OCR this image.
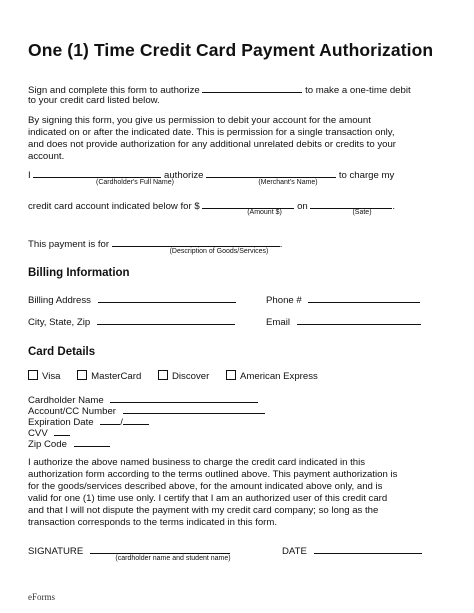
One (1) Time Credit Card Payment Authorization
Sign and complete this form to authorize	to make a one-time debit
to your credit card listed below.
By signing this form, you give us permission to debit your account for the amount
indicated on or after the indicated date. This is permission for a single transaction only,
and does not provide authorization for any additional unrelated debits or credits to your
account.
I	authorize	to charge my
(Cardholder's Full Name)	(Merchant's Name)
credit card account indicated below for $	on	.
(Amount $)	(Sate)
This payment is for	.
(Description of Goods/Services)
Billing Information
Billing Address	Phone #
City, State, Zip	Email
Card Details
Visa	MasterCard	Discover	American Express
Cardholder Name
Account/CC Number
Expiration Date	/
CVV
Zip Code
I authorize the above named business to charge the credit card indicated in this
authorization form according to the terms outlined above. This payment authorization is
for the goods/services described above, for the amount indicated above only, and is
valid for one (1) time use only. I certify that I am an authorized user of this credit card
and that I will not dispute the payment with my credit card company; so long as the
transaction corresponds to the terms indicated in this form.
SIGNATURE	DATE
(cardholder name and student name)
eForms
